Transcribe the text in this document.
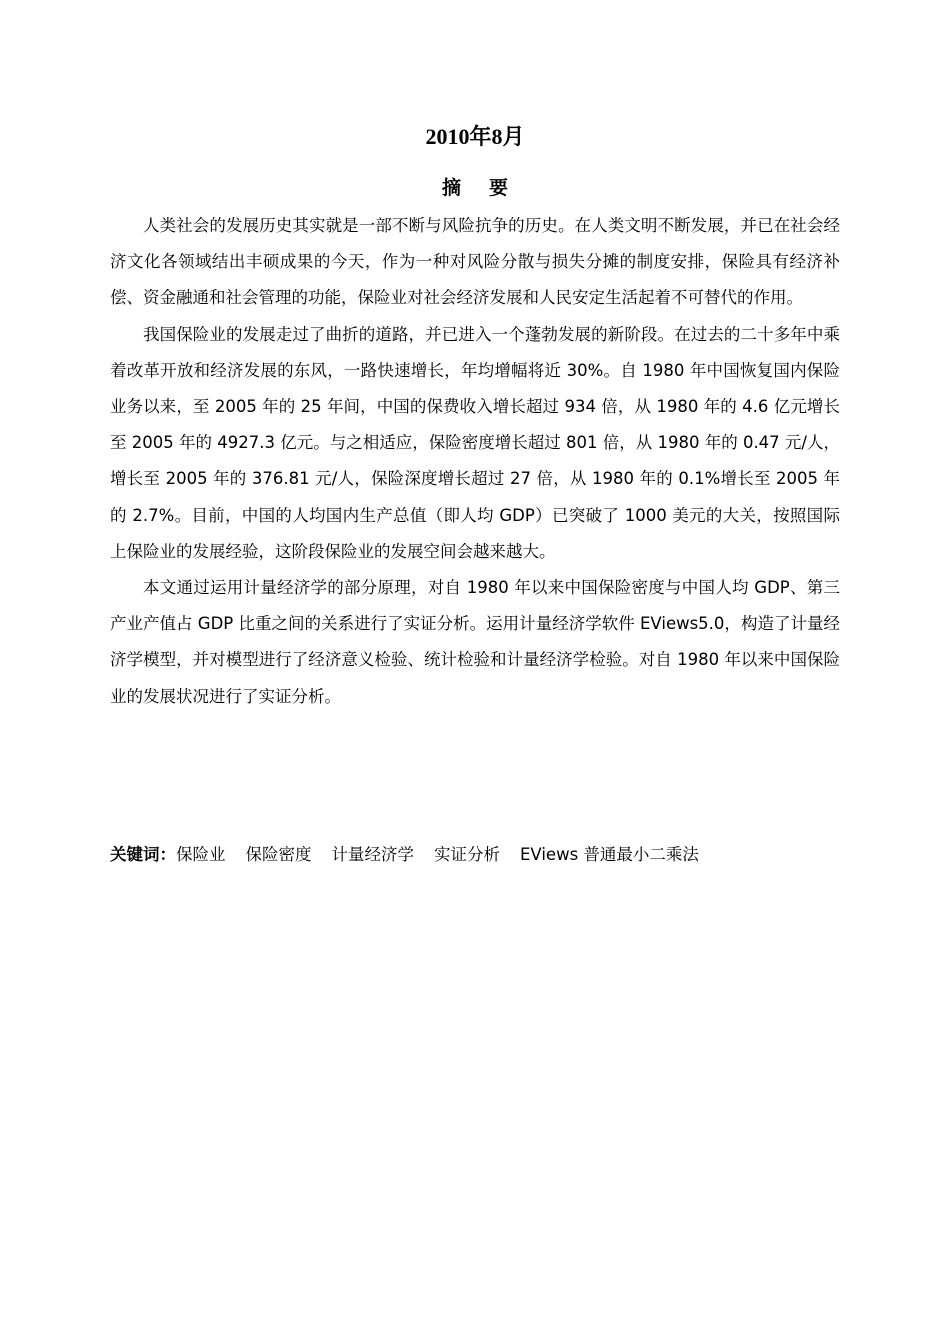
2010年8月
摘 要

人类社会的发展历史其实就是一部不断与风险抗争的历史。在人类文明不断发展，并已在社会经济文化各领域结出丰硕成果的今天，作为一种对风险分散与损失分摊的制度安排，保险具有经济补偿、资金融通和社会管理的功能，保险业对社会经济发展和人民安定生活起着不可替代的作用。

我国保险业的发展走过了曲折的道路，并已进入一个蓬勃发展的新阶段。在过去的二十多年中乘着改革开放和经济发展的东风，一路快速增长，年均增幅将近 30%。自 1980 年中国恢复国内保险业务以来，至 2005 年的 25 年间，中国的保费收入增长超过 934 倍，从 1980 年的 4.6 亿元增长至 2005 年的 4927.3 亿元。与之相适应，保险密度增长超过 801 倍，从 1980 年的 0.47 元/人，增长至 2005 年的 376.81 元/人，保险深度增长超过 27 倍，从 1980 年的 0.1%增长至 2005 年的 2.7%。目前，中国的人均国内生产总值（即人均 GDP）已突破了 1000 美元的大关，按照国际上保险业的发展经验，这阶段保险业的发展空间会越来越大。

本文通过运用计量经济学的部分原理，对自 1980 年以来中国保险密度与中国人均 GDP、第三产业产值占 GDP 比重之间的关系进行了实证分析。运用计量经济学软件 EViews5.0，构造了计量经济学模型，并对模型进行了经济意义检验、统计检验和计量经济学检验。对自 1980 年以来中国保险业的发展状况进行了实证分析。

关键词：保险业 保险密度 计量经济学 实证分析 EViews 普通最小二乘法
